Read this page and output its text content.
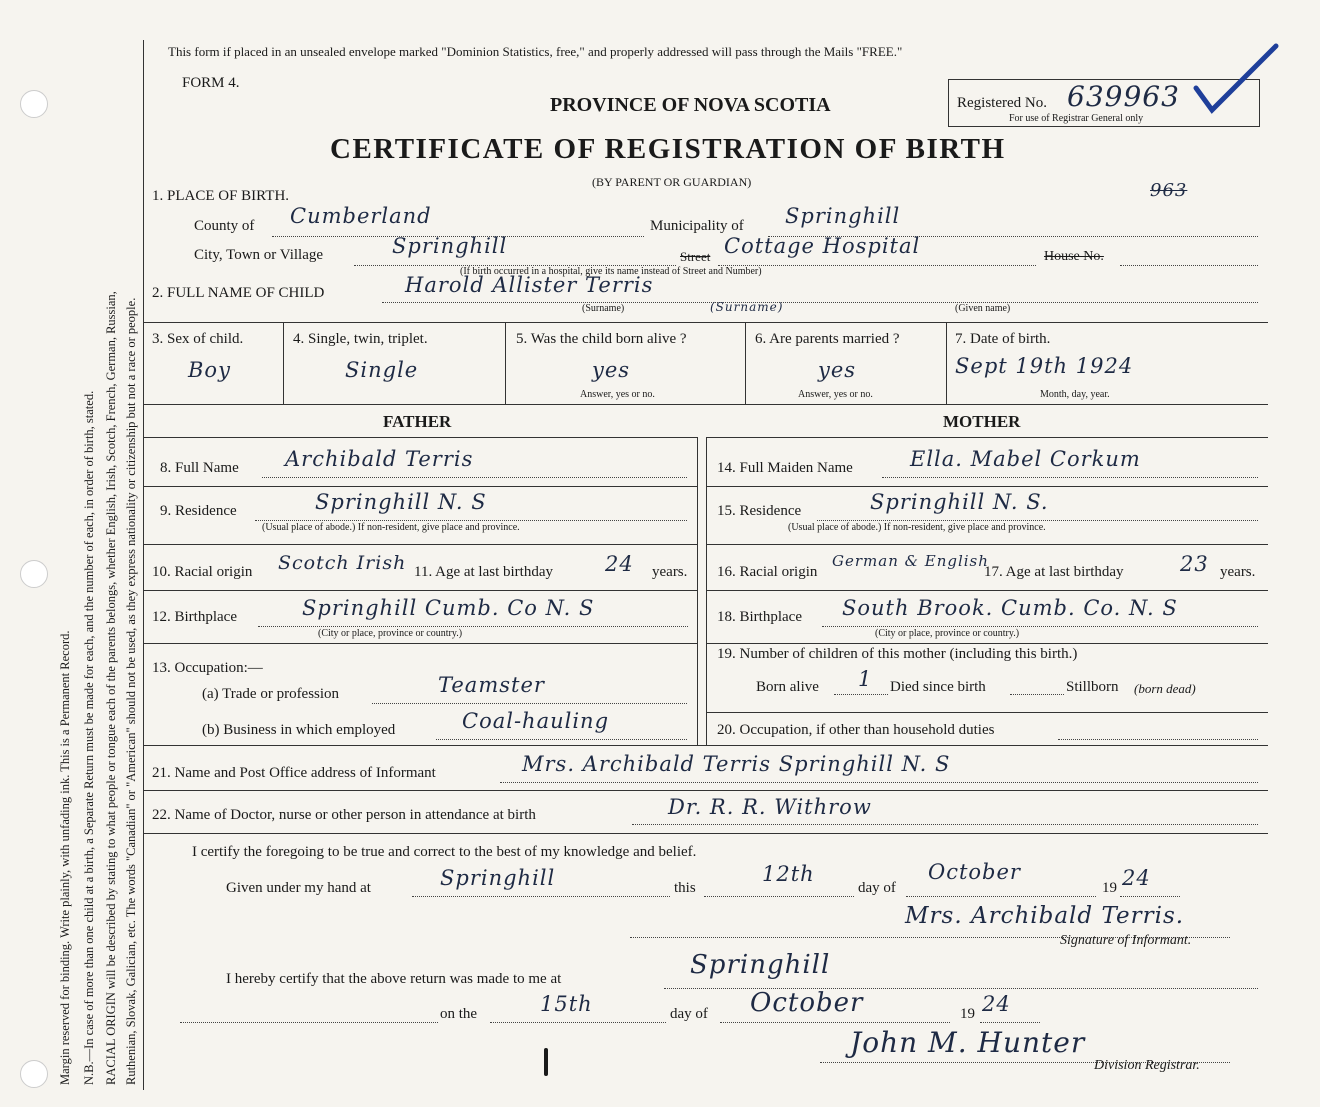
Margin reserved for binding. Write plainly, with unfading ink. This is a Permanent Record. N.B.—In case of more than one child at a birth, a Separate Return must be made for each, and the number of each, in order of birth, stated. RACIAL ORIGIN will be described by stating to what people or tongue each of the parents belongs, whether English, Irish, Scotch, French, German, Russian, Ruthenian, Slovak, Galician, etc. The words "Canadian" or "American" should not be used, as they express nationality or citizenship but not a race or people.
This form if placed in an unsealed envelope marked "Dominion Statistics, free," and properly addressed will pass through the Mails "FREE."
FORM 4.
PROVINCE OF NOVA SCOTIA
CERTIFICATE OF REGISTRATION OF BIRTH
(BY PARENT OR GUARDIAN)
Registered No. 639963
For use of Registrar General only
963
1. PLACE OF BIRTH.
County of Cumberland	Municipality of Springhill
City, Town or Village	Springhill	Street Cottage Hospital	House No.
(If birth occurred in a hospital, give its name instead of Street and Number)
2. FULL NAME OF CHILD	Harold Allister Terris
(Surname)	(Surname)	(Given name)
3. Sex of child.
Boy
4. Single, twin, triplet.
Single
5. Was the child born alive ?
yes
Answer, yes or no.
6. Are parents married ?
yes
Answer, yes or no.
7. Date of birth.
Sept 19th 1924
Month, day, year.
FATHER	MOTHER
8. Full Name Archibald Terris
9. Residence	Springhill N. S
(Usual place of abode.) If non-resident, give place and province.
10. Racial origin Scotch Irish 11. Age at last birthday 24 years.
12. Birthplace	Springhill Cumb. Co N. S
(City or place, province or country.)
13. Occupation:—
(a) Trade or profession	Teamster
(b) Business in which employed	Coal-hauling
14. Full Maiden Name	Ella. Mabel Corkum
15. Residence	Springhill N. S.
(Usual place of abode.) If non-resident, give place and province.
16. Racial origin
German & English
17. Age at last birthday	23 years.
18. Birthplace South Brook. Cumb. Co. N. S
(City or place, province or country.)
19. Number of children of this mother (including this birth.)
Born alive 1 Died since birth	Stillborn (born dead)
20. Occupation, if other than household duties
21. Name and Post Office address of Informant	Mrs. Archibald Terris Springhill N. S
22. Name of Doctor, nurse or other person in attendance at birth	Dr. R. R. Withrow
I certify the foregoing to be true and correct to the best of my knowledge and belief.
Given under my hand at	Springhill	this
12th
day of
October
19 24
Mrs. Archibald Terris.
Signature of Informant.
I hereby certify that the above return was made to me at	Springhill
on the	15th	day of October	19 24
John M. Hunter
Division Registrar.
